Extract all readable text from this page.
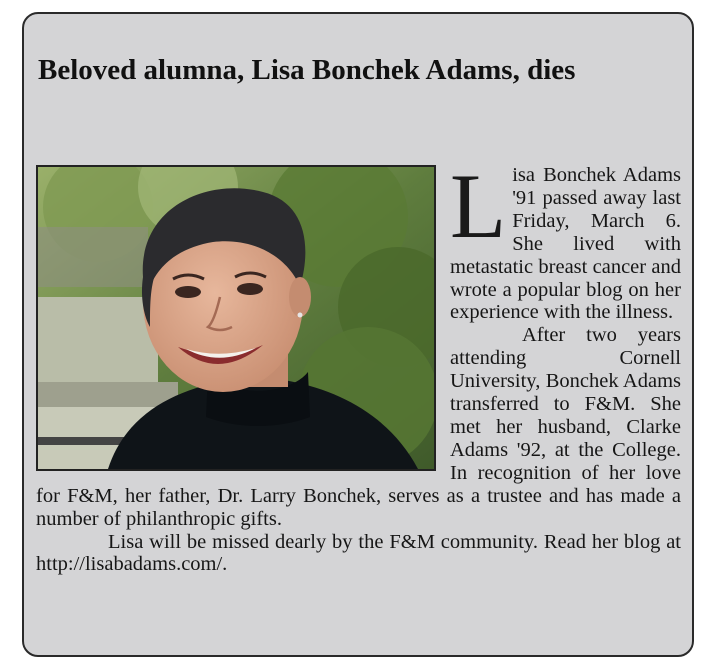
Beloved alumna, Lisa Bonchek Adams, dies

Lisa Bonchek Adams '91 passed away last Friday, March 6. She lived with metastatic breast cancer and wrote a popular blog on her experience with the illness.

After two years attending Cornell University, Bonchek Adams transferred to F&M. She met her husband, Clarke Adams '92, at the College. In recognition of her love for F&M, her father, Dr. Larry Bonchek, serves as a trustee and has made a number of philanthropic gifts.

Lisa will be missed dearly by the F&M community. Read her blog at http://lisabadams.com/.
